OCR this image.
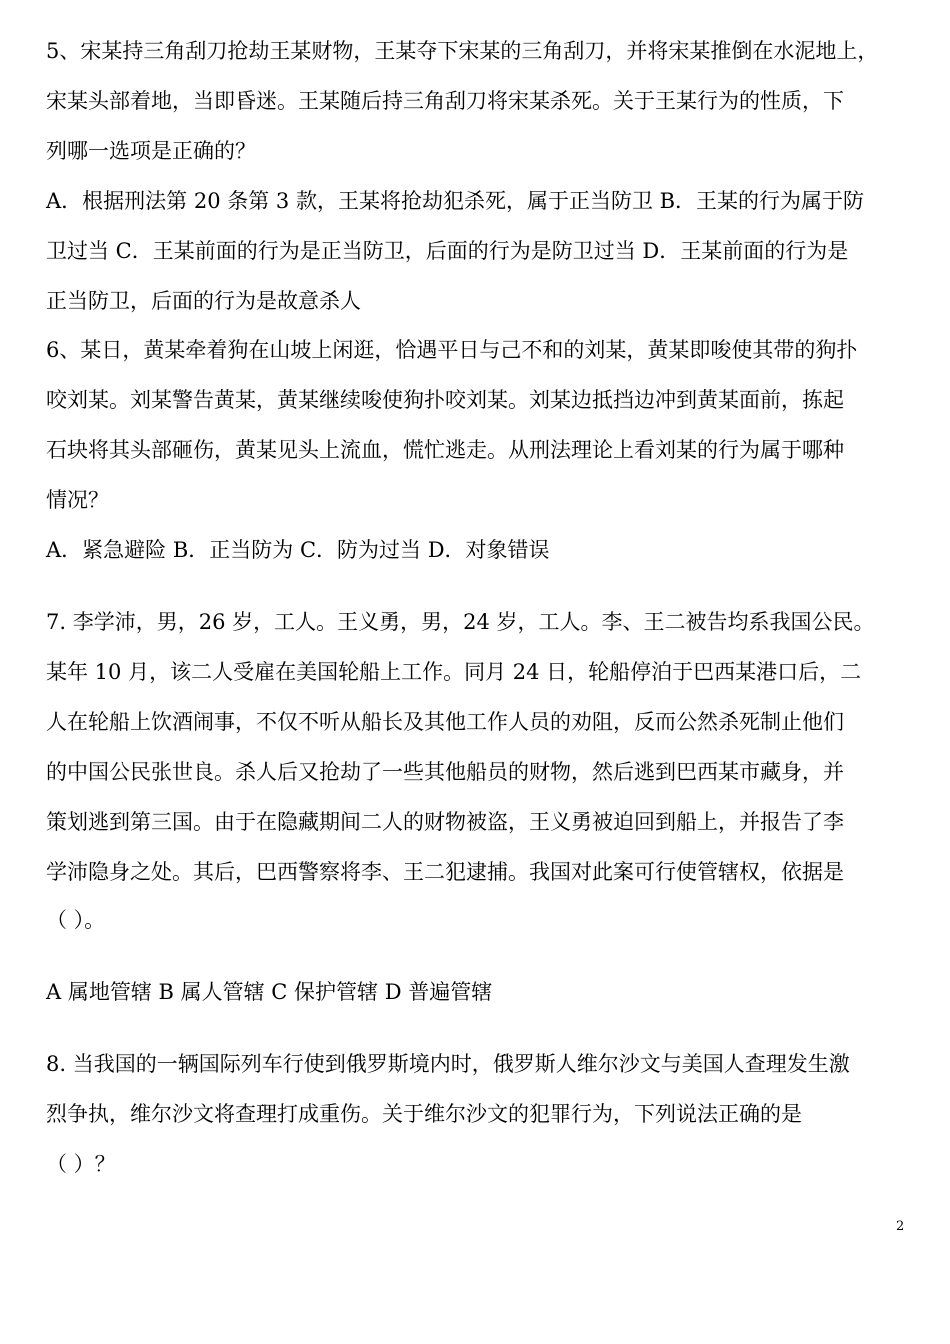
5、宋某持三角刮刀抢劫王某财物，王某夺下宋某的三角刮刀，并将宋某推倒在水泥地上，
宋某头部着地，当即昏迷。王某随后持三角刮刀将宋某杀死。关于王某行为的性质，下
列哪一选项是正确的？
A．根据刑法第 20 条第 3 款，王某将抢劫犯杀死，属于正当防卫 B．王某的行为属于防
卫过当 C．王某前面的行为是正当防卫，后面的行为是防卫过当 D．王某前面的行为是
正当防卫，后面的行为是故意杀人
6、某日，黄某牵着狗在山坡上闲逛，恰遇平日与己不和的刘某，黄某即唆使其带的狗扑
咬刘某。刘某警告黄某，黄某继续唆使狗扑咬刘某。刘某边抵挡边冲到黄某面前，拣起
石块将其头部砸伤，黄某见头上流血，慌忙逃走。从刑法理论上看刘某的行为属于哪种
情况？
A．紧急避险 B．正当防为 C．防为过当 D．对象错误
7. 李学沛，男，26 岁，工人。王义勇，男，24 岁，工人。李、王二被告均系我国公民。
某年 10 月，该二人受雇在美国轮船上工作。同月 24 日，轮船停泊于巴西某港口后，二
人在轮船上饮酒闹事，不仅不听从船长及其他工作人员的劝阻，反而公然杀死制止他们
的中国公民张世良。杀人后又抢劫了一些其他船员的财物，然后逃到巴西某市藏身，并
策划逃到第三国。由于在隐藏期间二人的财物被盗，王义勇被迫回到船上，并报告了李
学沛隐身之处。其后，巴西警察将李、王二犯逮捕。我国对此案可行使管辖权，依据是
（ ）。
A 属地管辖 B 属人管辖 C 保护管辖 D 普遍管辖
8. 当我国的一辆国际列车行使到俄罗斯境内时，俄罗斯人维尔沙文与美国人查理发生激
烈争执，维尔沙文将查理打成重伤。关于维尔沙文的犯罪行为，下列说法正确的是
（ ）？
2
